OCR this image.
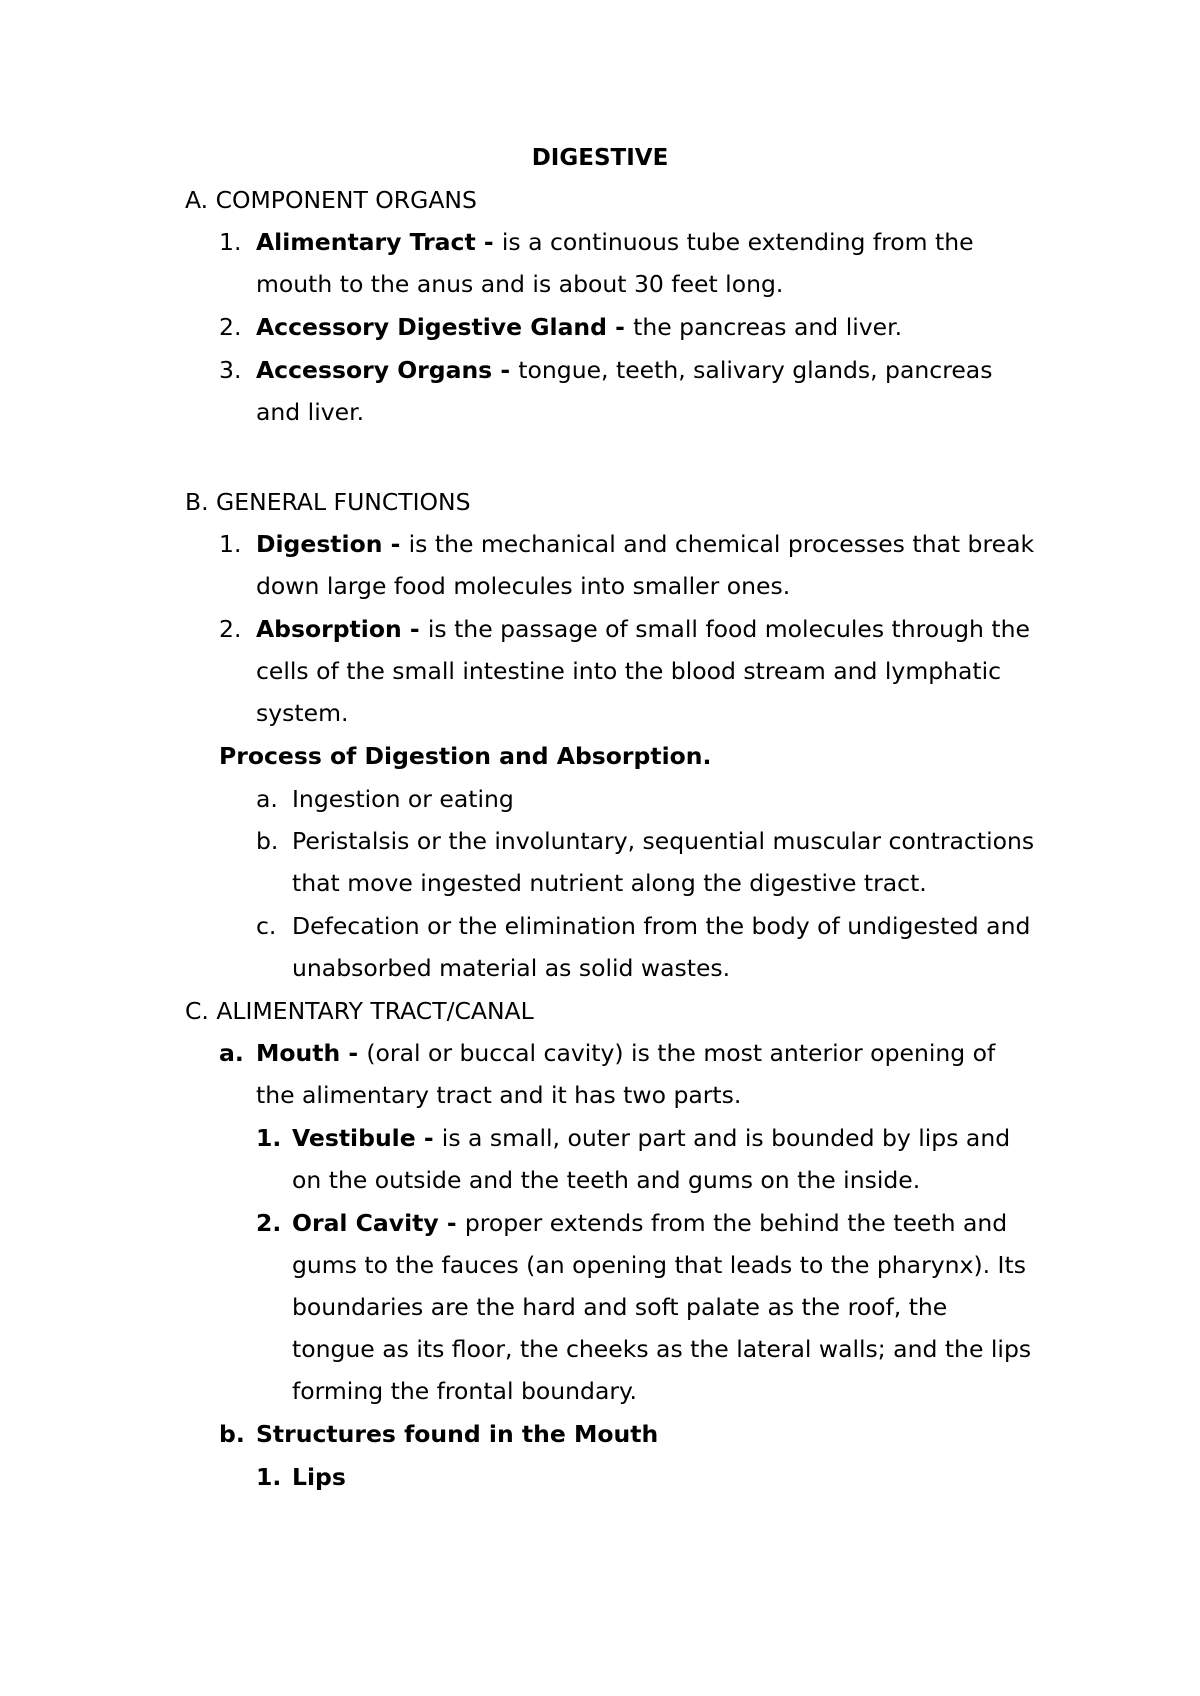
DIGESTIVE
A. COMPONENT ORGANS
1. Alimentary Tract - is a continuous tube extending from the
mouth to the anus and is about 30 feet long.
2. Accessory Digestive Gland - the pancreas and liver.
3. Accessory Organs - tongue, teeth, salivary glands, pancreas
and liver.
B. GENERAL FUNCTIONS
1. Digestion - is the mechanical and chemical processes that break
down large food molecules into smaller ones.
2. Absorption - is the passage of small food molecules through the
cells of the small intestine into the blood stream and lymphatic
system.
Process of Digestion and Absorption.
a. Ingestion or eating
b. Peristalsis or the involuntary, sequential muscular contractions
that move ingested nutrient along the digestive tract.
c. Defecation or the elimination from the body of undigested and
unabsorbed material as solid wastes.
C. ALIMENTARY TRACT/CANAL
a. Mouth - (oral or buccal cavity) is the most anterior opening of
the alimentary tract and it has two parts.
1. Vestibule - is a small, outer part and is bounded by lips and
on the outside and the teeth and gums on the inside.
2. Oral Cavity - proper extends from the behind the teeth and
gums to the fauces (an opening that leads to the pharynx). Its
boundaries are the hard and soft palate as the roof, the
tongue as its floor, the cheeks as the lateral walls; and the lips
forming the frontal boundary.
b. Structures found in the Mouth
1. Lips
